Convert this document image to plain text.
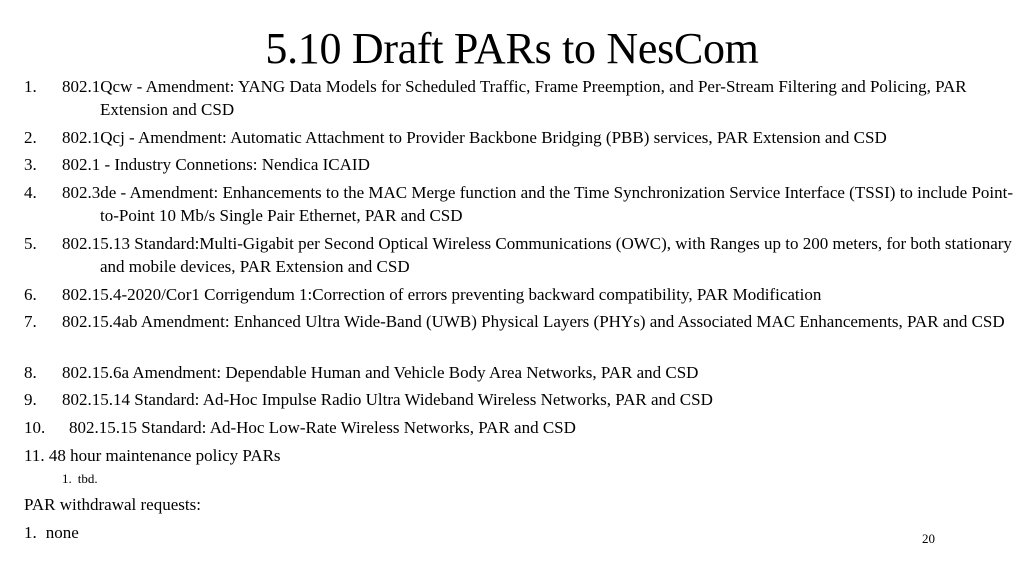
5.10 Draft PARs to NesCom
1.	802.1Qcw - Amendment: YANG Data Models for Scheduled Traffic, Frame Preemption, and Per-Stream Filtering and Policing, PAR Extension and CSD
2.	802.1Qcj - Amendment: Automatic Attachment to Provider Backbone Bridging (PBB) services, PAR Extension and CSD
3.	802.1 - Industry Connetions: Nendica ICAID
4.	802.3de - Amendment: Enhancements to the MAC Merge function and the Time Synchronization Service Interface (TSSI) to include Point-to-Point 10 Mb/s Single Pair Ethernet, PAR and CSD
5.	802.15.13 Standard:Multi-Gigabit per Second Optical Wireless Communications (OWC), with Ranges up to 200 meters, for both stationary and mobile devices, PAR Extension and CSD
6.	802.15.4-2020/Cor1 Corrigendum 1:Correction of errors preventing backward compatibility, PAR Modification
7.	802.15.4ab Amendment: Enhanced Ultra Wide-Band (UWB) Physical Layers (PHYs) and Associated MAC Enhancements, PAR and CSD
8.	802.15.6a Amendment: Dependable Human and Vehicle Body Area Networks, PAR and CSD
9.	802.15.14 Standard: Ad-Hoc Impulse Radio Ultra Wideband Wireless Networks, PAR and CSD
10.	802.15.15 Standard: Ad-Hoc Low-Rate Wireless Networks, PAR and CSD
11. 48 hour maintenance policy PARs
1. tbd.
PAR withdrawal requests:
1. none	20
